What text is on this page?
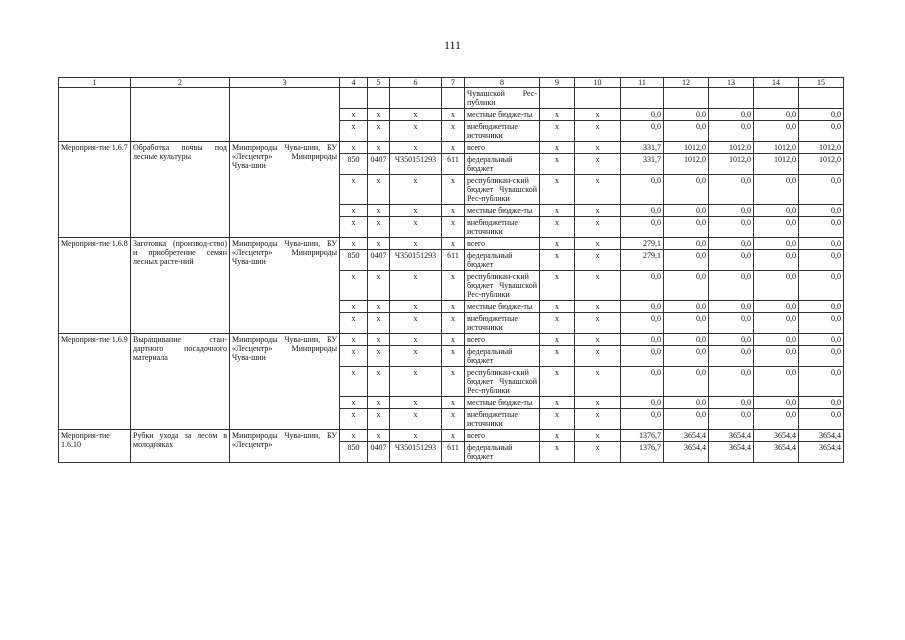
111
1	2	3	4	5	6	7	8	9	10	11	12	13	14	15
							Чувашской Рес-публики							
			х	х	х	х	местные бюдже-ты	х	х	0,0	0,0	0,0	0,0	0,0
			х	х	х	х	внебюджетные источники	х	х	0,0	0,0	0,0	0,0	0,0
Мероприя-тие 1.6.7	Обработка почвы под лесные культуры	Минприроды Чува-шии, БУ «Лесцентр» Минприроды Чува-шии	х	х	х	х	всего	х	х	331,7	1012,0	1012,0	1012,0	1012,0
			850	0407	Ч350151293	611	федеральный бюджет	х	х	331,7	1012,0	1012,0	1012,0	1012,0
			х	х	х	х	республикан-ский бюджет Чувашской Рес-публики	х	х	0,0	0,0	0,0	0,0	0,0
			х	х	х	х	местные бюдже-ты	х	х	0,0	0,0	0,0	0,0	0,0
			х	х	х	х	внебюджетные источники	х	х	0,0	0,0	0,0	0,0	0,0
Мероприя-тие 1.6.8	Заготовка (производ-ство) и приобретение семян лесных расте-ний	Минприроды Чува-шии, БУ «Лесцентр» Минприроды Чува-шии	х	х	х	х	всего	х	х	279,1	0,0	0,0	0,0	0,0
			850	0407	Ч350151293	611	федеральный бюджет	х	х	279,1	0,0	0,0	0,0	0,0
			х	х	х	х	республикан-ский бюджет Чувашской Рес-публики	х	х	0,0	0,0	0,0	0,0	0,0
			х	х	х	х	местные бюдже-ты	х	х	0,0	0,0	0,0	0,0	0,0
			х	х	х	х	внебюджетные источники	х	х	0,0	0,0	0,0	0,0	0,0
Мероприя-тие 1.6.9	Выращивание стан-дартного посадочного материала	Минприроды Чува-шии, БУ «Лесцентр» Минприроды Чува-шии	х	х	х	х	всего	х	х	0,0	0,0	0,0	0,0	0,0
			х	х	х	х	федеральный бюджет	х	х	0,0	0,0	0,0	0,0	0,0
			х	х	х	х	республикан-ский бюджет Чувашской Рес-публики	х	х	0,0	0,0	0,0	0,0	0,0
			х	х	х	х	местные бюдже-ты	х	х	0,0	0,0	0,0	0,0	0,0
			х	х	х	х	внебюджетные источники	х	х	0,0	0,0	0,0	0,0	0,0
Мероприя-тие 1.6.10	Рубки ухода за лесом в молодняках	Минприроды Чува-шии, БУ «Лесцентр»	х	х	х	х	всего	х	х	1376,7	3654,4	3654,4	3654,4	3654,4
			850	0407	Ч350151293	611	федеральный бюджет	х	х	1376,7	3654,4	3654,4	3654,4	3654,4
